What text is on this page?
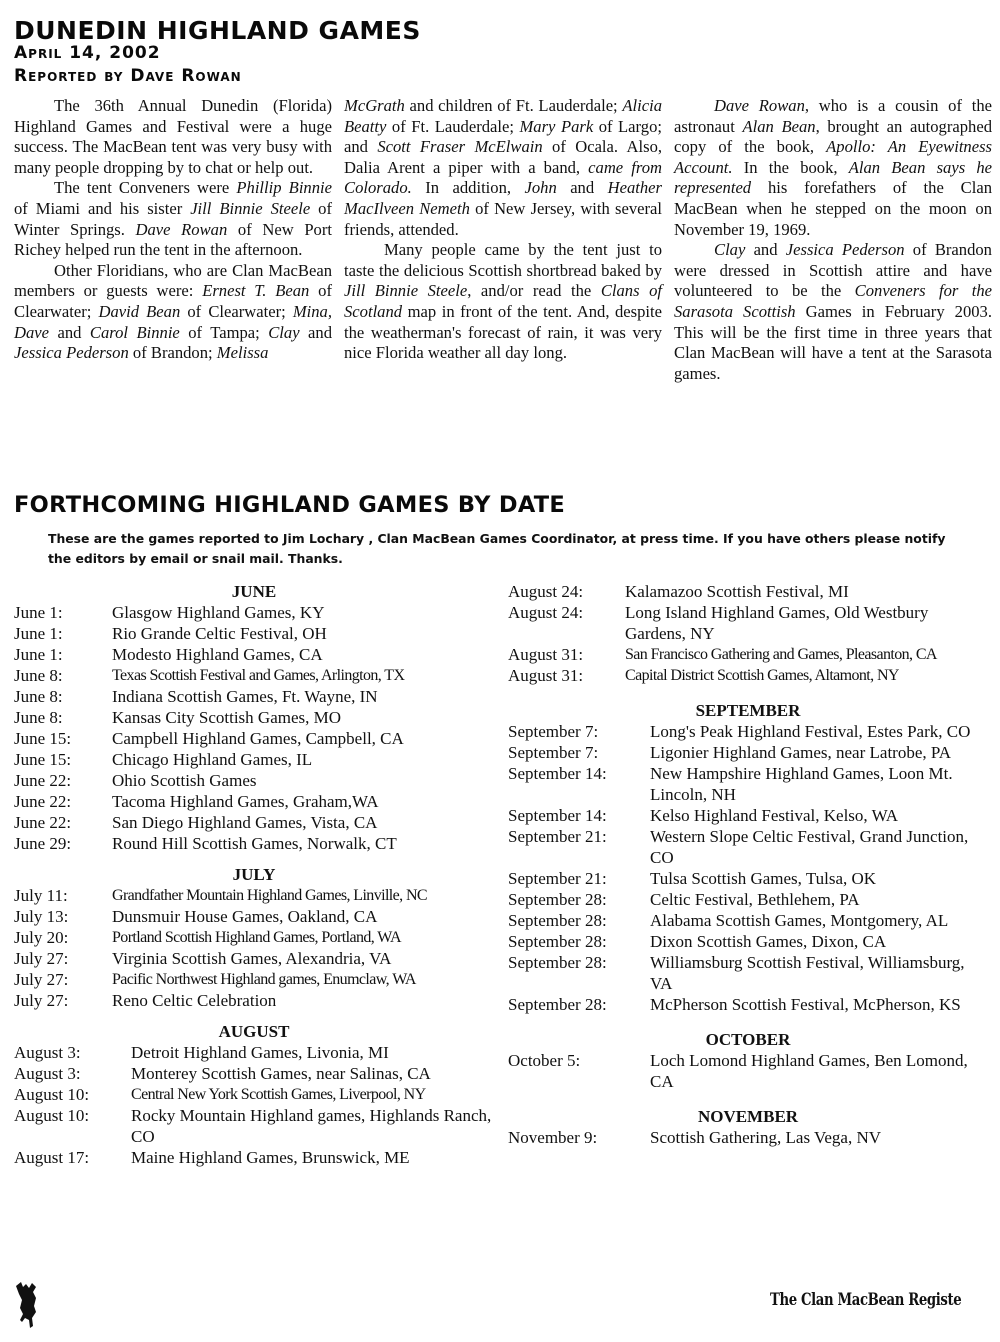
DUNEDIN HIGHLAND GAMES
April 14, 2002
Reported by Dave Rowan

The 36th Annual Dunedin (Florida) Highland Games and Festival were a huge success. The MacBean tent was very busy with many people dropping by to chat or help out.

The tent Conveners were Phillip Binnie of Miami and his sister Jill Binnie Steele of Winter Springs. Dave Rowan of New Port Richey helped run the tent in the afternoon.

Other Floridians, who are Clan MacBean members or guests were: Ernest T. Bean of Clearwater; David Bean of Clearwater; Mina, Dave and Carol Binnie of Tampa; Clay and Jessica Pederson of Brandon; Melissa

McGrath and children of Ft. Lauderdale; Alicia Beatty of Ft. Lauderdale; Mary Park of Largo; and Scott Fraser McElwain of Ocala. Also, Dalia Arent a piper with a band, came from Colorado. In addition, John and Heather MacIlveen Nemeth of New Jersey, with several friends, attended.

Many people came by the tent just to taste the delicious Scottish shortbread baked by Jill Binnie Steele, and/or read the Clans of Scotland map in front of the tent. And, despite the weatherman's forecast of rain, it was very nice Florida weather all day long.

Dave Rowan, who is a cousin of the astronaut Alan Bean, brought an autographed copy of the book, Apollo: An Eyewitness Account. In the book, Alan Bean says he represented his forefathers of the Clan MacBean when he stepped on the moon on November 19, 1969.

Clay and Jessica Pederson of Brandon were dressed in Scottish attire and have volunteered to be the Conveners for the Sarasota Scottish Games in February 2003. This will be the first time in three years that Clan MacBean will have a tent at the Sarasota games.

FORTHCOMING HIGHLAND GAMES BY DATE
These are the games reported to Jim Lochary , Clan MacBean Games Coordinator, at press time. If you have others please notify the editors by email or snail mail. Thanks.
JUNE
June 1:	Glasgow Highland Games, KY
June 1:	Rio Grande Celtic Festival, OH
June 1:	Modesto Highland Games, CA
June 8:	Texas Scottish Festival and Games, Arlington, TX
June 8:	Indiana Scottish Games, Ft. Wayne, IN
June 8:	Kansas City Scottish Games, MO
June 15:	Campbell Highland Games, Campbell, CA
June 15:	Chicago Highland Games, IL
June 22:	Ohio Scottish Games
June 22:	Tacoma Highland Games, Graham,WA
June 22:	San Diego Highland Games, Vista, CA
June 29:	Round Hill Scottish Games, Norwalk, CT
JULY
July 11:	Grandfather Mountain Highland Games, Linville, NC
July 13:	Dunsmuir House Games, Oakland, CA
July 20:	Portland Scottish Highland Games, Portland, WA
July 27:	Virginia Scottish Games, Alexandria, VA
July 27:	Pacific Northwest Highland games, Enumclaw, WA
July 27:	Reno Celtic Celebration
AUGUST
August 3:	Detroit Highland Games, Livonia, MI
August 3:	Monterey Scottish Games, near Salinas, CA
August 10:	Central New York Scottish Games, Liverpool, NY
August 10:	Rocky Mountain Highland games, Highlands Ranch, CO
August 17:	Maine Highland Games, Brunswick, ME
August 24:	Kalamazoo Scottish Festival, MI
August 24:	Long Island Highland Games, Old Westbury Gardens, NY
August 31:	San Francisco Gathering and Games, Pleasanton, CA
August 31:	Capital District Scottish Games, Altamont, NY
SEPTEMBER
September 7:	Long's Peak Highland Festival, Estes Park, CO
September 7:	Ligonier Highland Games, near Latrobe, PA
September 14:	New Hampshire Highland Games, Loon Mt. Lincoln, NH
September 14:	Kelso Highland Festival, Kelso, WA
September 21:	Western Slope Celtic Festival, Grand Junction, CO
September 21:	Tulsa Scottish Games, Tulsa, OK
September 28:	Celtic Festival, Bethlehem, PA
September 28:	Alabama Scottish Games, Montgomery, AL
September 28:	Dixon Scottish Games, Dixon, CA
September 28:	Williamsburg Scottish Festival, Williamsburg, VA
September 28:	McPherson Scottish Festival, McPherson, KS
OCTOBER
October 5:	Loch Lomond Highland Games, Ben Lomond, CA
NOVEMBER
November 9:	Scottish Gathering, Las Vega, NV
The Clan MacBean Registe
